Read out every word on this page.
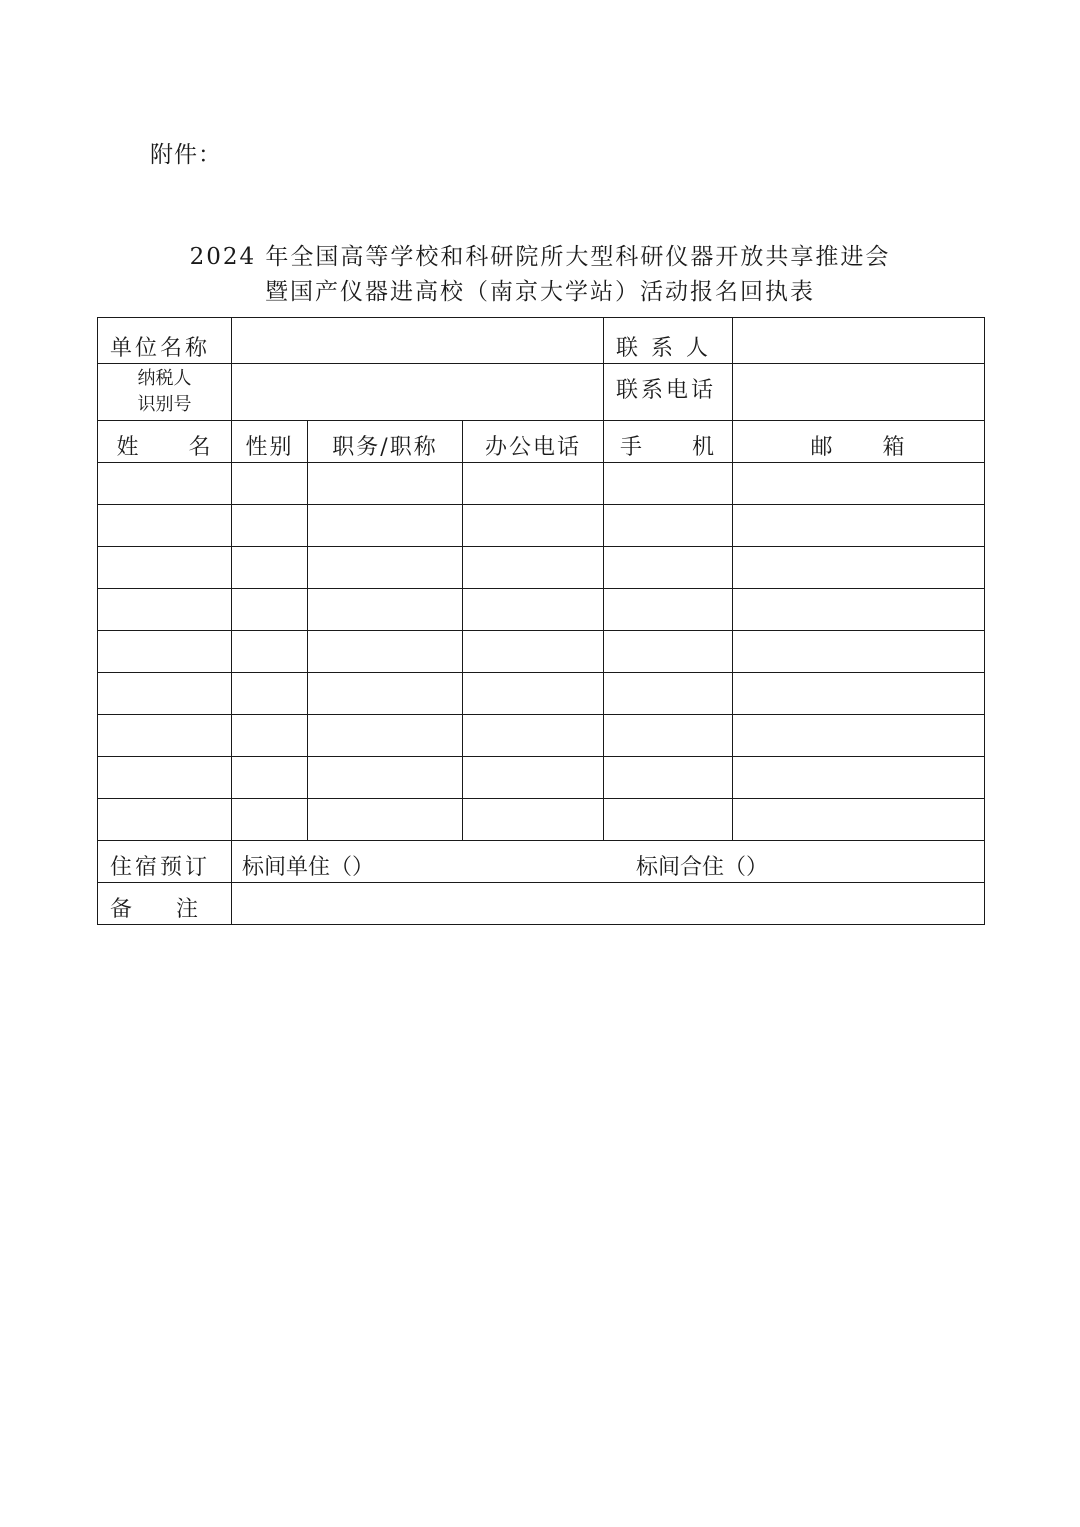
附件：
2024 年全国高等学校和科研院所大型科研仪器开放共享推进会
暨国产仪器进高校（南京大学站）活动报名回执表
单位名称				联 系 人	

纳税人
识别号				联系电话	
姓　　名	性别	职务/职称	办公电话	手　　机	邮　　箱

住宿预订	标间单住（） 标间合住（）				

备　　注					
